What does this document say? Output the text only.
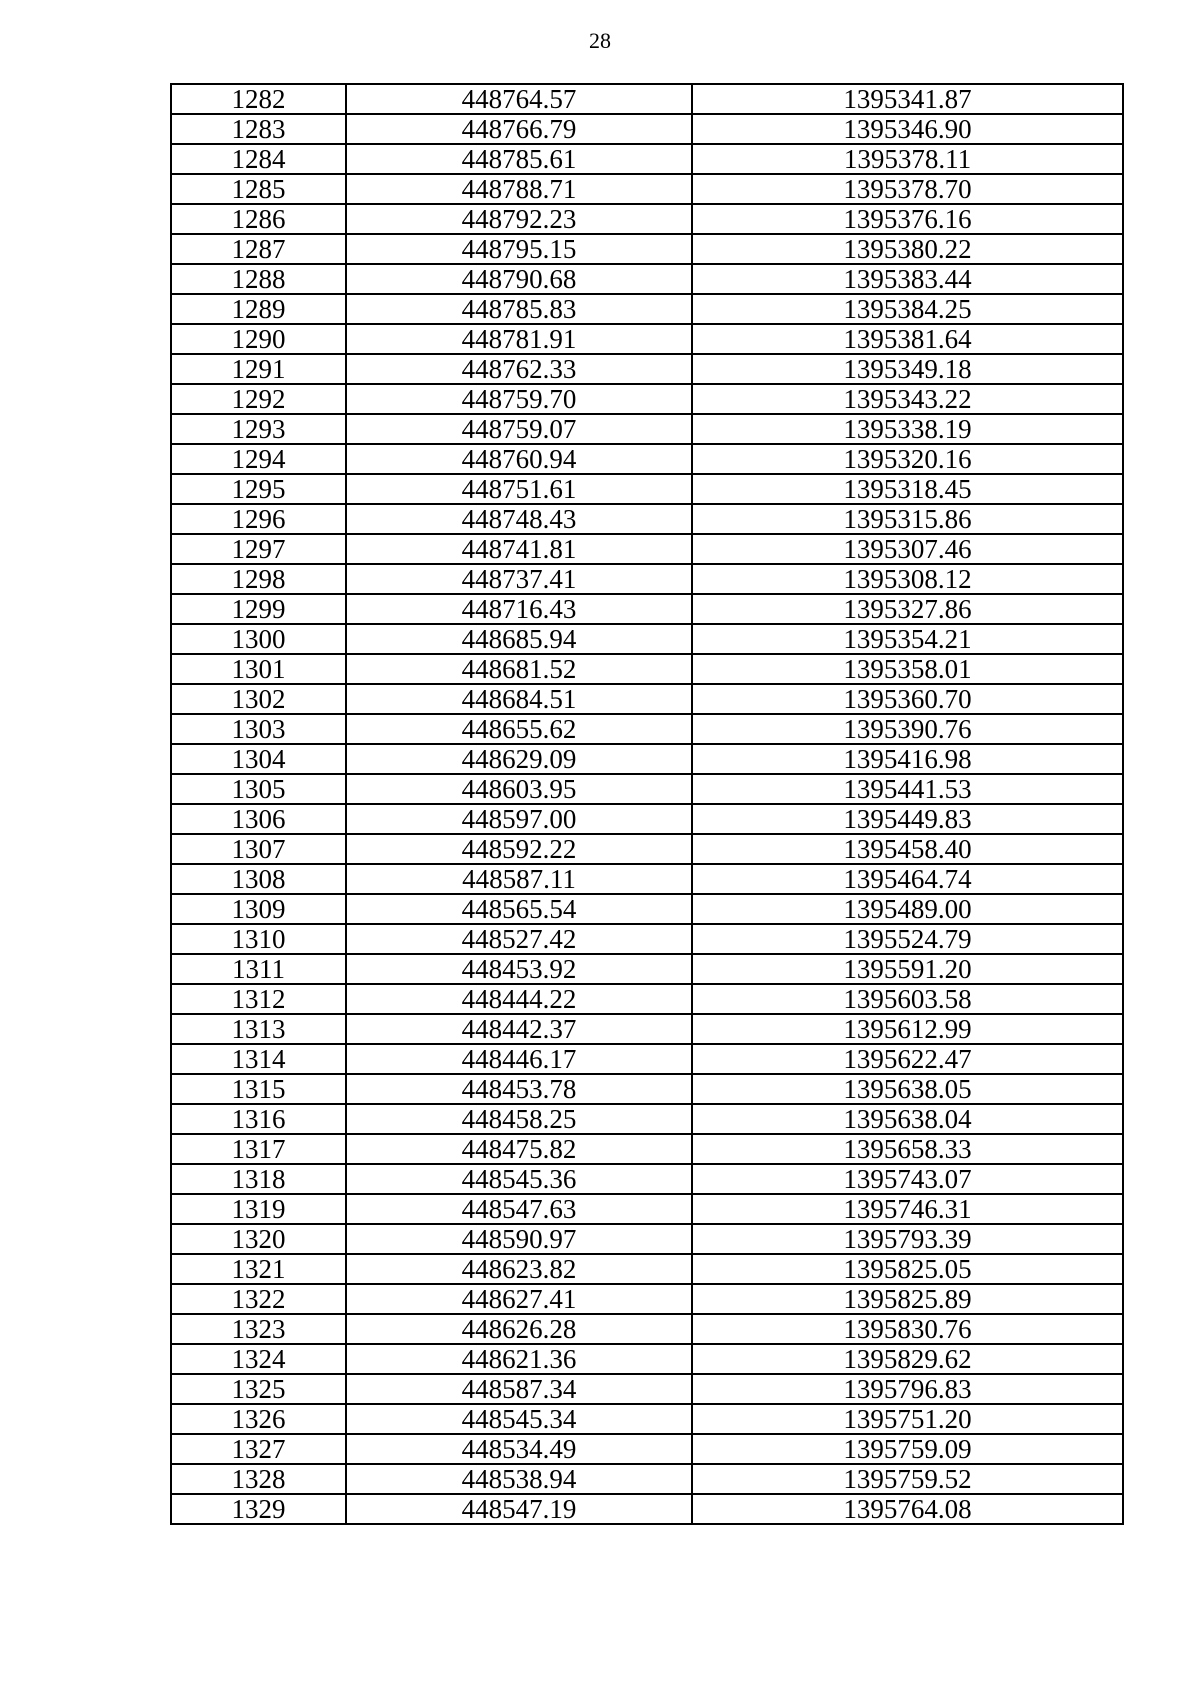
28
1282	448764.57	1395341.87
1283	448766.79	1395346.90
1284	448785.61	1395378.11
1285	448788.71	1395378.70
1286	448792.23	1395376.16
1287	448795.15	1395380.22
1288	448790.68	1395383.44
1289	448785.83	1395384.25
1290	448781.91	1395381.64
1291	448762.33	1395349.18
1292	448759.70	1395343.22
1293	448759.07	1395338.19
1294	448760.94	1395320.16
1295	448751.61	1395318.45
1296	448748.43	1395315.86
1297	448741.81	1395307.46
1298	448737.41	1395308.12
1299	448716.43	1395327.86
1300	448685.94	1395354.21
1301	448681.52	1395358.01
1302	448684.51	1395360.70
1303	448655.62	1395390.76
1304	448629.09	1395416.98
1305	448603.95	1395441.53
1306	448597.00	1395449.83
1307	448592.22	1395458.40
1308	448587.11	1395464.74
1309	448565.54	1395489.00
1310	448527.42	1395524.79
1311	448453.92	1395591.20
1312	448444.22	1395603.58
1313	448442.37	1395612.99
1314	448446.17	1395622.47
1315	448453.78	1395638.05
1316	448458.25	1395638.04
1317	448475.82	1395658.33
1318	448545.36	1395743.07
1319	448547.63	1395746.31
1320	448590.97	1395793.39
1321	448623.82	1395825.05
1322	448627.41	1395825.89
1323	448626.28	1395830.76
1324	448621.36	1395829.62
1325	448587.34	1395796.83
1326	448545.34	1395751.20
1327	448534.49	1395759.09
1328	448538.94	1395759.52
1329	448547.19	1395764.08
